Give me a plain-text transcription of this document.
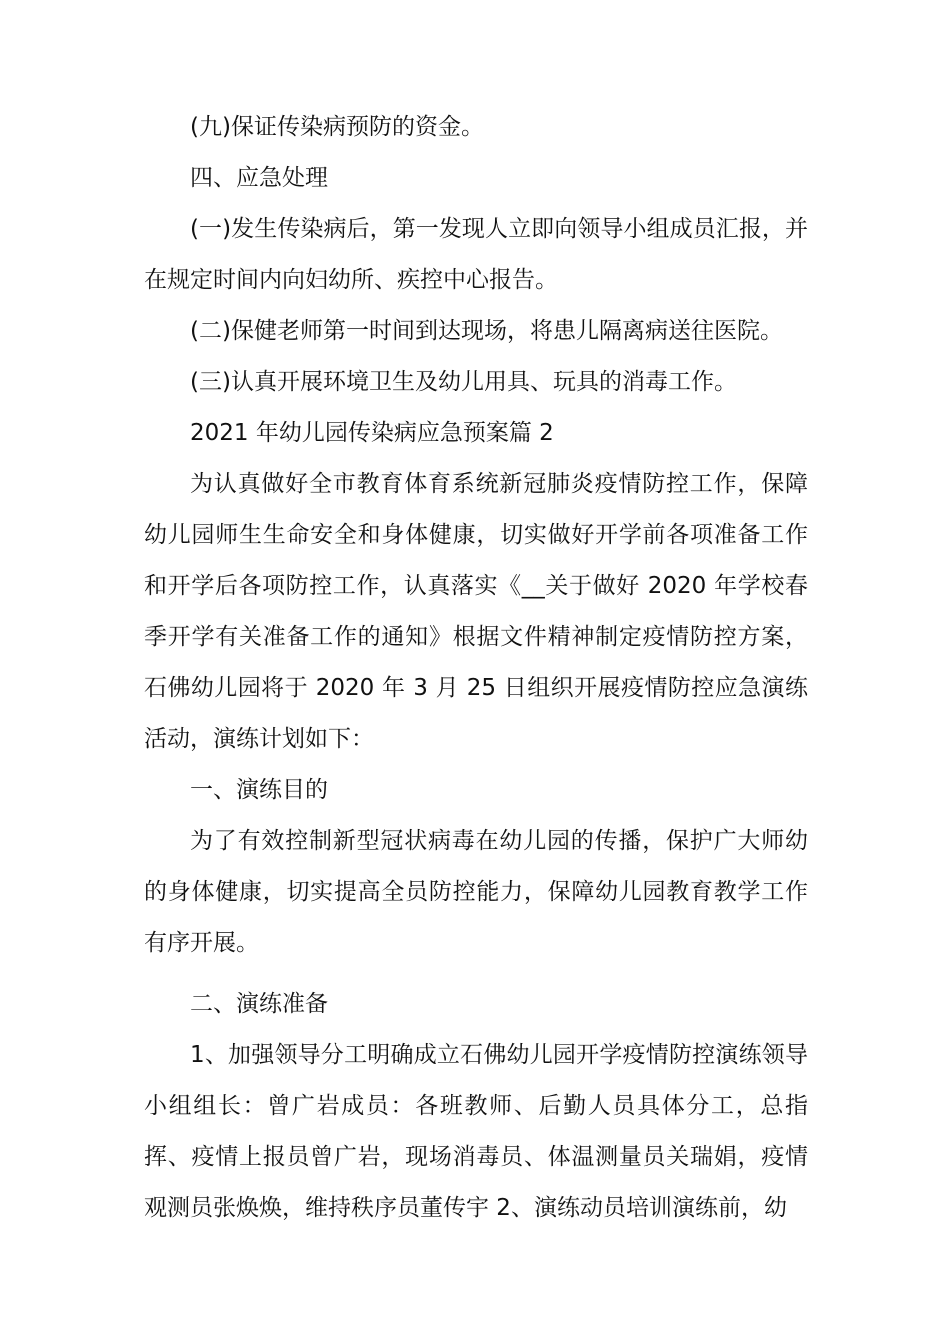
(九)保证传染病预防的资金。

四、应急处理

(一)发生传染病后，第一发现人立即向领导小组成员汇报，并在规定时间内向妇幼所、疾控中心报告。

(二)保健老师第一时间到达现场，将患儿隔离病送往医院。

(三)认真开展环境卫生及幼儿用具、玩具的消毒工作。

2021 年幼儿园传染病应急预案篇 2

为认真做好全市教育体育系统新冠肺炎疫情防控工作，保障幼儿园师生生命安全和身体健康，切实做好开学前各项准备工作和开学后各项防控工作，认真落实《__关于做好 2020 年学校春季开学有关准备工作的通知》根据文件精神制定疫情防控方案，石佛幼儿园将于 2020 年 3 月 25 日组织开展疫情防控应急演练活动，演练计划如下：

一、演练目的

为了有效控制新型冠状病毒在幼儿园的传播，保护广大师幼的身体健康，切实提高全员防控能力，保障幼儿园教育教学工作有序开展。

二、演练准备

1、加强领导分工明确成立石佛幼儿园开学疫情防控演练领导小组组长：曾广岩成员：各班教师、后勤人员具体分工，总指挥、疫情上报员曾广岩，现场消毒员、体温测量员关瑞娟，疫情观测员张焕焕，维持秩序员董传宇 2、演练动员培训演练前，幼
